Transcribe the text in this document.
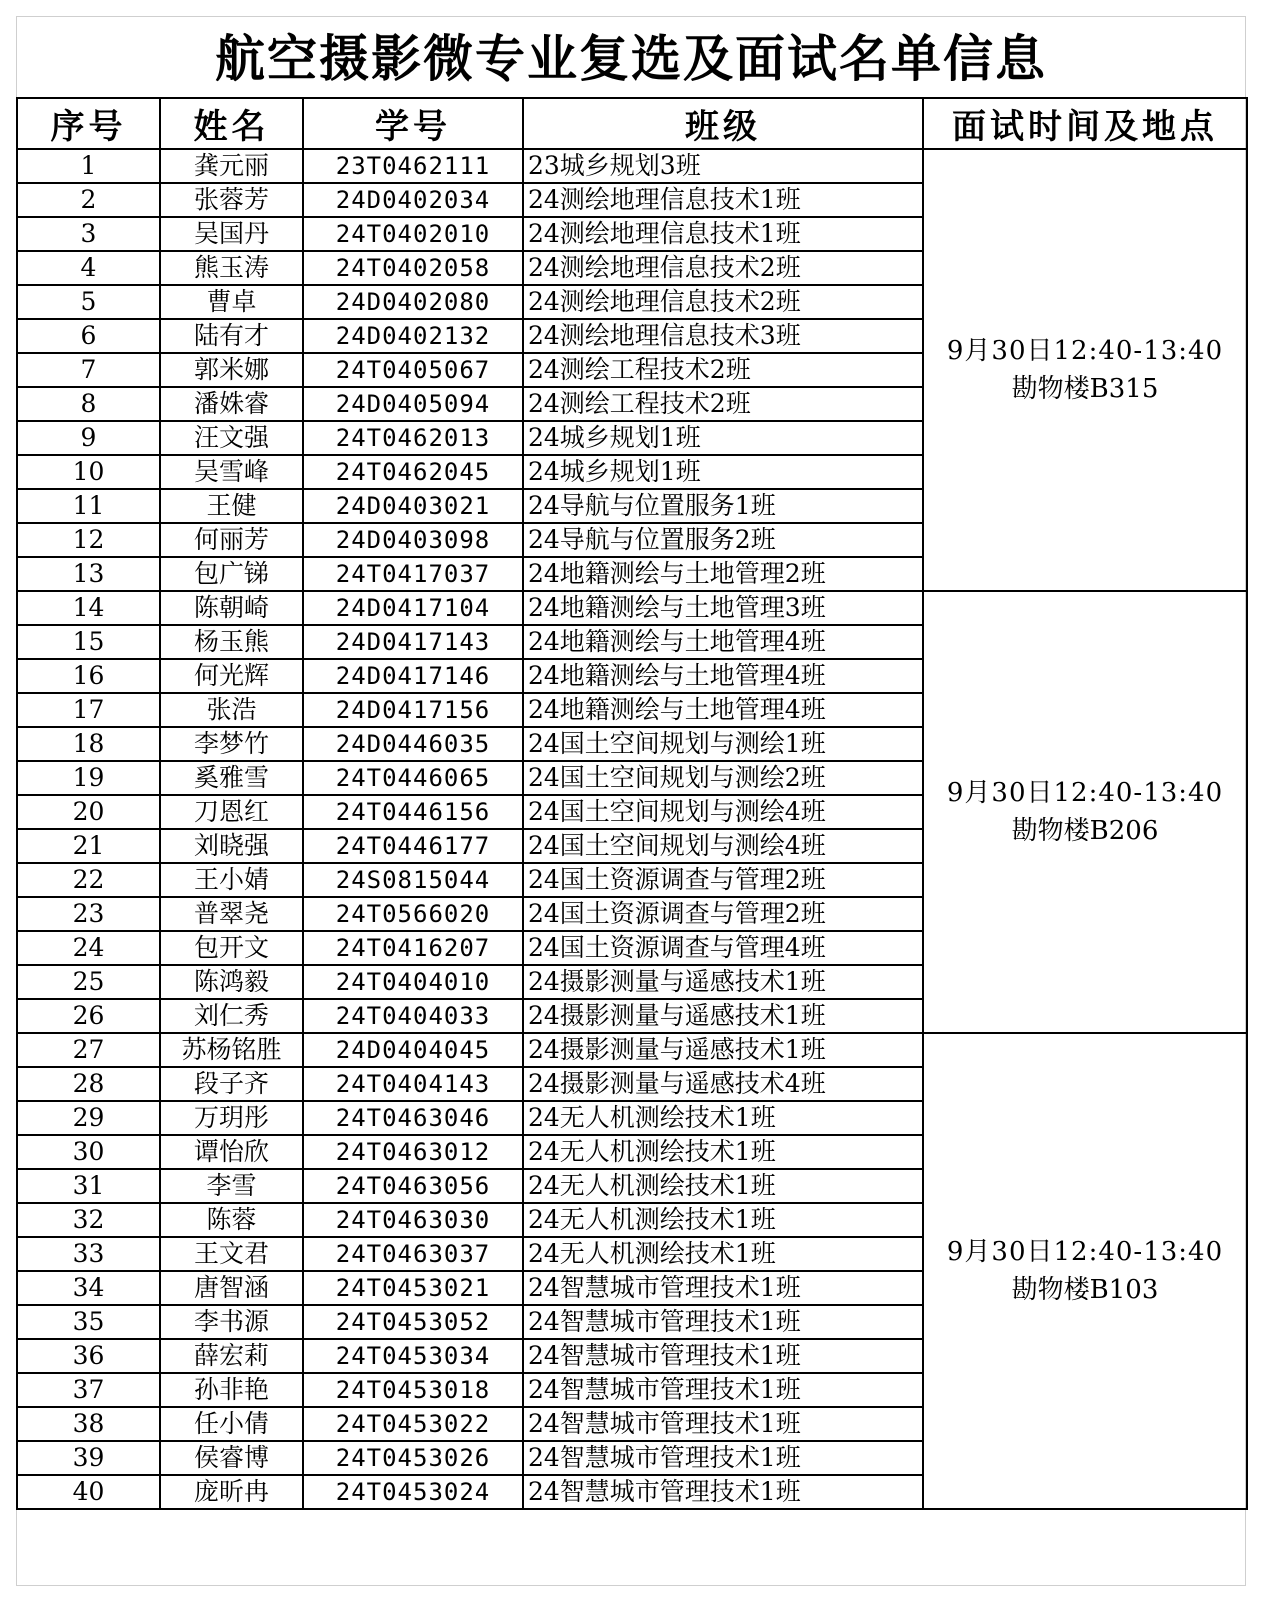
航空摄影微专业复选及面试名单信息
序号	姓名	学号	班级	面试时间及地点
1	龚元丽	23T0462111	23城乡规划3班	9月30日12:40-13:40
勘物楼B315

2	张蓉芳	24D0402034	24测绘地理信息技术1班	
3	吴国丹	24T0402010	24测绘地理信息技术1班	
4	熊玉涛	24T0402058	24测绘地理信息技术2班	
5	曹卓	24D0402080	24测绘地理信息技术2班	
6	陆有才	24D0402132	24测绘地理信息技术3班	
7	郭米娜	24T0405067	24测绘工程技术2班	
8	潘姝睿	24D0405094	24测绘工程技术2班	
9	汪文强	24T0462013	24城乡规划1班	
10	吴雪峰	24T0462045	24城乡规划1班	
11	王健	24D0403021	24导航与位置服务1班	
12	何丽芳	24D0403098	24导航与位置服务2班	
13	包广锑	24T0417037	24地籍测绘与土地管理2班	
14	陈朝崎	24D0417104	24地籍测绘与土地管理3班	9月30日12:40-13:40
勘物楼B206

15	杨玉熊	24D0417143	24地籍测绘与土地管理4班	
16	何光辉	24D0417146	24地籍测绘与土地管理4班	
17	张浩	24D0417156	24地籍测绘与土地管理4班	
18	李梦竹	24D0446035	24国土空间规划与测绘1班	
19	奚雅雪	24T0446065	24国土空间规划与测绘2班	
20	刀恩红	24T0446156	24国土空间规划与测绘4班	
21	刘晓强	24T0446177	24国土空间规划与测绘4班	
22	王小婧	24S0815044	24国土资源调查与管理2班	
23	普翠尧	24T0566020	24国土资源调查与管理2班	
24	包开文	24T0416207	24国土资源调查与管理4班	
25	陈鸿毅	24T0404010	24摄影测量与遥感技术1班	
26	刘仁秀	24T0404033	24摄影测量与遥感技术1班	
27	苏杨铭胜	24D0404045	24摄影测量与遥感技术1班	9月30日12:40-13:40
勘物楼B103

28	段子齐	24T0404143	24摄影测量与遥感技术4班	
29	万玥彤	24T0463046	24无人机测绘技术1班	
30	谭怡欣	24T0463012	24无人机测绘技术1班	
31	李雪	24T0463056	24无人机测绘技术1班	
32	陈蓉	24T0463030	24无人机测绘技术1班	
33	王文君	24T0463037	24无人机测绘技术1班	
34	唐智涵	24T0453021	24智慧城市管理技术1班	
35	李书源	24T0453052	24智慧城市管理技术1班	
36	薛宏莉	24T0453034	24智慧城市管理技术1班	
37	孙非艳	24T0453018	24智慧城市管理技术1班	
38	任小倩	24T0453022	24智慧城市管理技术1班	
39	侯睿博	24T0453026	24智慧城市管理技术1班	
40	庞昕冉	24T0453024	24智慧城市管理技术1班	
